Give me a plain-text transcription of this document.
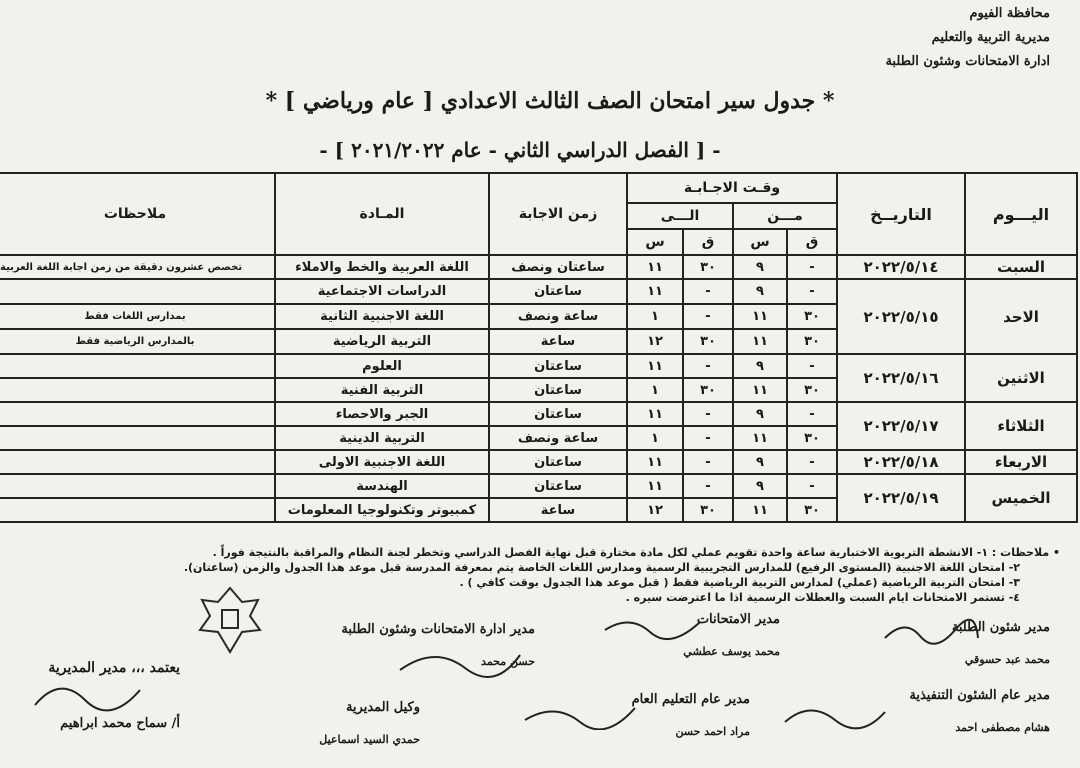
محافظة الفيوم
مديرية التربية والتعليم
ادارة الامتحانات وشئون الطلبة
* جدول سير امتحان الصف الثالث الاعدادي [ عام ورياضي ] *
- [ الفصل الدراسي الثاني - عام ٢٠٢١/٢٠٢٢ ] -
اليـــوم	التاريــخ	وقـت الاجـابـة				زمن الاجابة	المـادة	ملاحظات
		مـــن		الـــى				
		ق	س	ق	س			
السبت	٢٠٢٢/٥/١٤	-	٩	٣٠	١١	ساعتان ونصف	اللغة العربية والخط والاملاء	تخصص عشرون دقيقة من زمن اجابة اللغة العربية
الاحد	٢٠٢٢/٥/١٥	-	٩	-	١١	ساعتان	الدراسات الاجتماعية	
		٣٠	١١	-	١	ساعة ونصف	اللغة الاجنبية الثانية	بمدارس اللغات فقط
		٣٠	١١	٣٠	١٢	ساعة	التربية الرياضية	بالمدارس الرياضية فقط
الاثنين	٢٠٢٢/٥/١٦	-	٩	-	١١	ساعتان	العلوم	
		٣٠	١١	٣٠	١	ساعتان	التربية الفنية	
الثلاثاء	٢٠٢٢/٥/١٧	-	٩	-	١١	ساعتان	الجبر والاحصاء	
		٣٠	١١	-	١	ساعة ونصف	التربية الدينية	
الاربعاء	٢٠٢٢/٥/١٨	-	٩	-	١١	ساعتان	اللغة الاجنبية الاولى	
الخميس	٢٠٢٢/٥/١٩	-	٩	-	١١	ساعتان	الهندسة	
		٣٠	١١	٣٠	١٢	ساعة	كمبيوتر وتكنولوجيا المعلومات	
• ملاحظات : ١- الانشطة التربوية الاختبارية ساعة واحدة تقويم عملي لكل مادة مختارة قبل نهاية الفصل الدراسي وتخطر لجنة النظام والمراقبة بالنتيجة فوراً .
٢- امتحان اللغة الاجنبية (المستوى الرفيع) للمدارس التجريبية الرسمية ومدارس اللغات الخاصة يتم بمعرفة المدرسة قبل موعد هذا الجدول والزمن (ساعتان).
٣- امتحان التربية الرياضية (عملي) لمدارس التربية الرياضية فقط ( قبل موعد هذا الجدول بوقت كافي ) .
٤- تستمر الامتحانات ايام السبت والعطلات الرسمية اذا ما اعترضت سيره .
مدير شئون الطلبة
محمد عبد حسوقي
مدير الامتحانات
محمد يوسف عطشي
مدير ادارة الامتحانات وشئون الطلبة
حسن محمد
مدير عام الشئون التنفيذية
هشام مصطفى احمد
مدير عام التعليم العام
مراد احمد حسن
وكيل المديرية
حمدي السيد اسماعيل
يعتمد ،،، مدير المديرية
أ/ سماح محمد ابراهيم
